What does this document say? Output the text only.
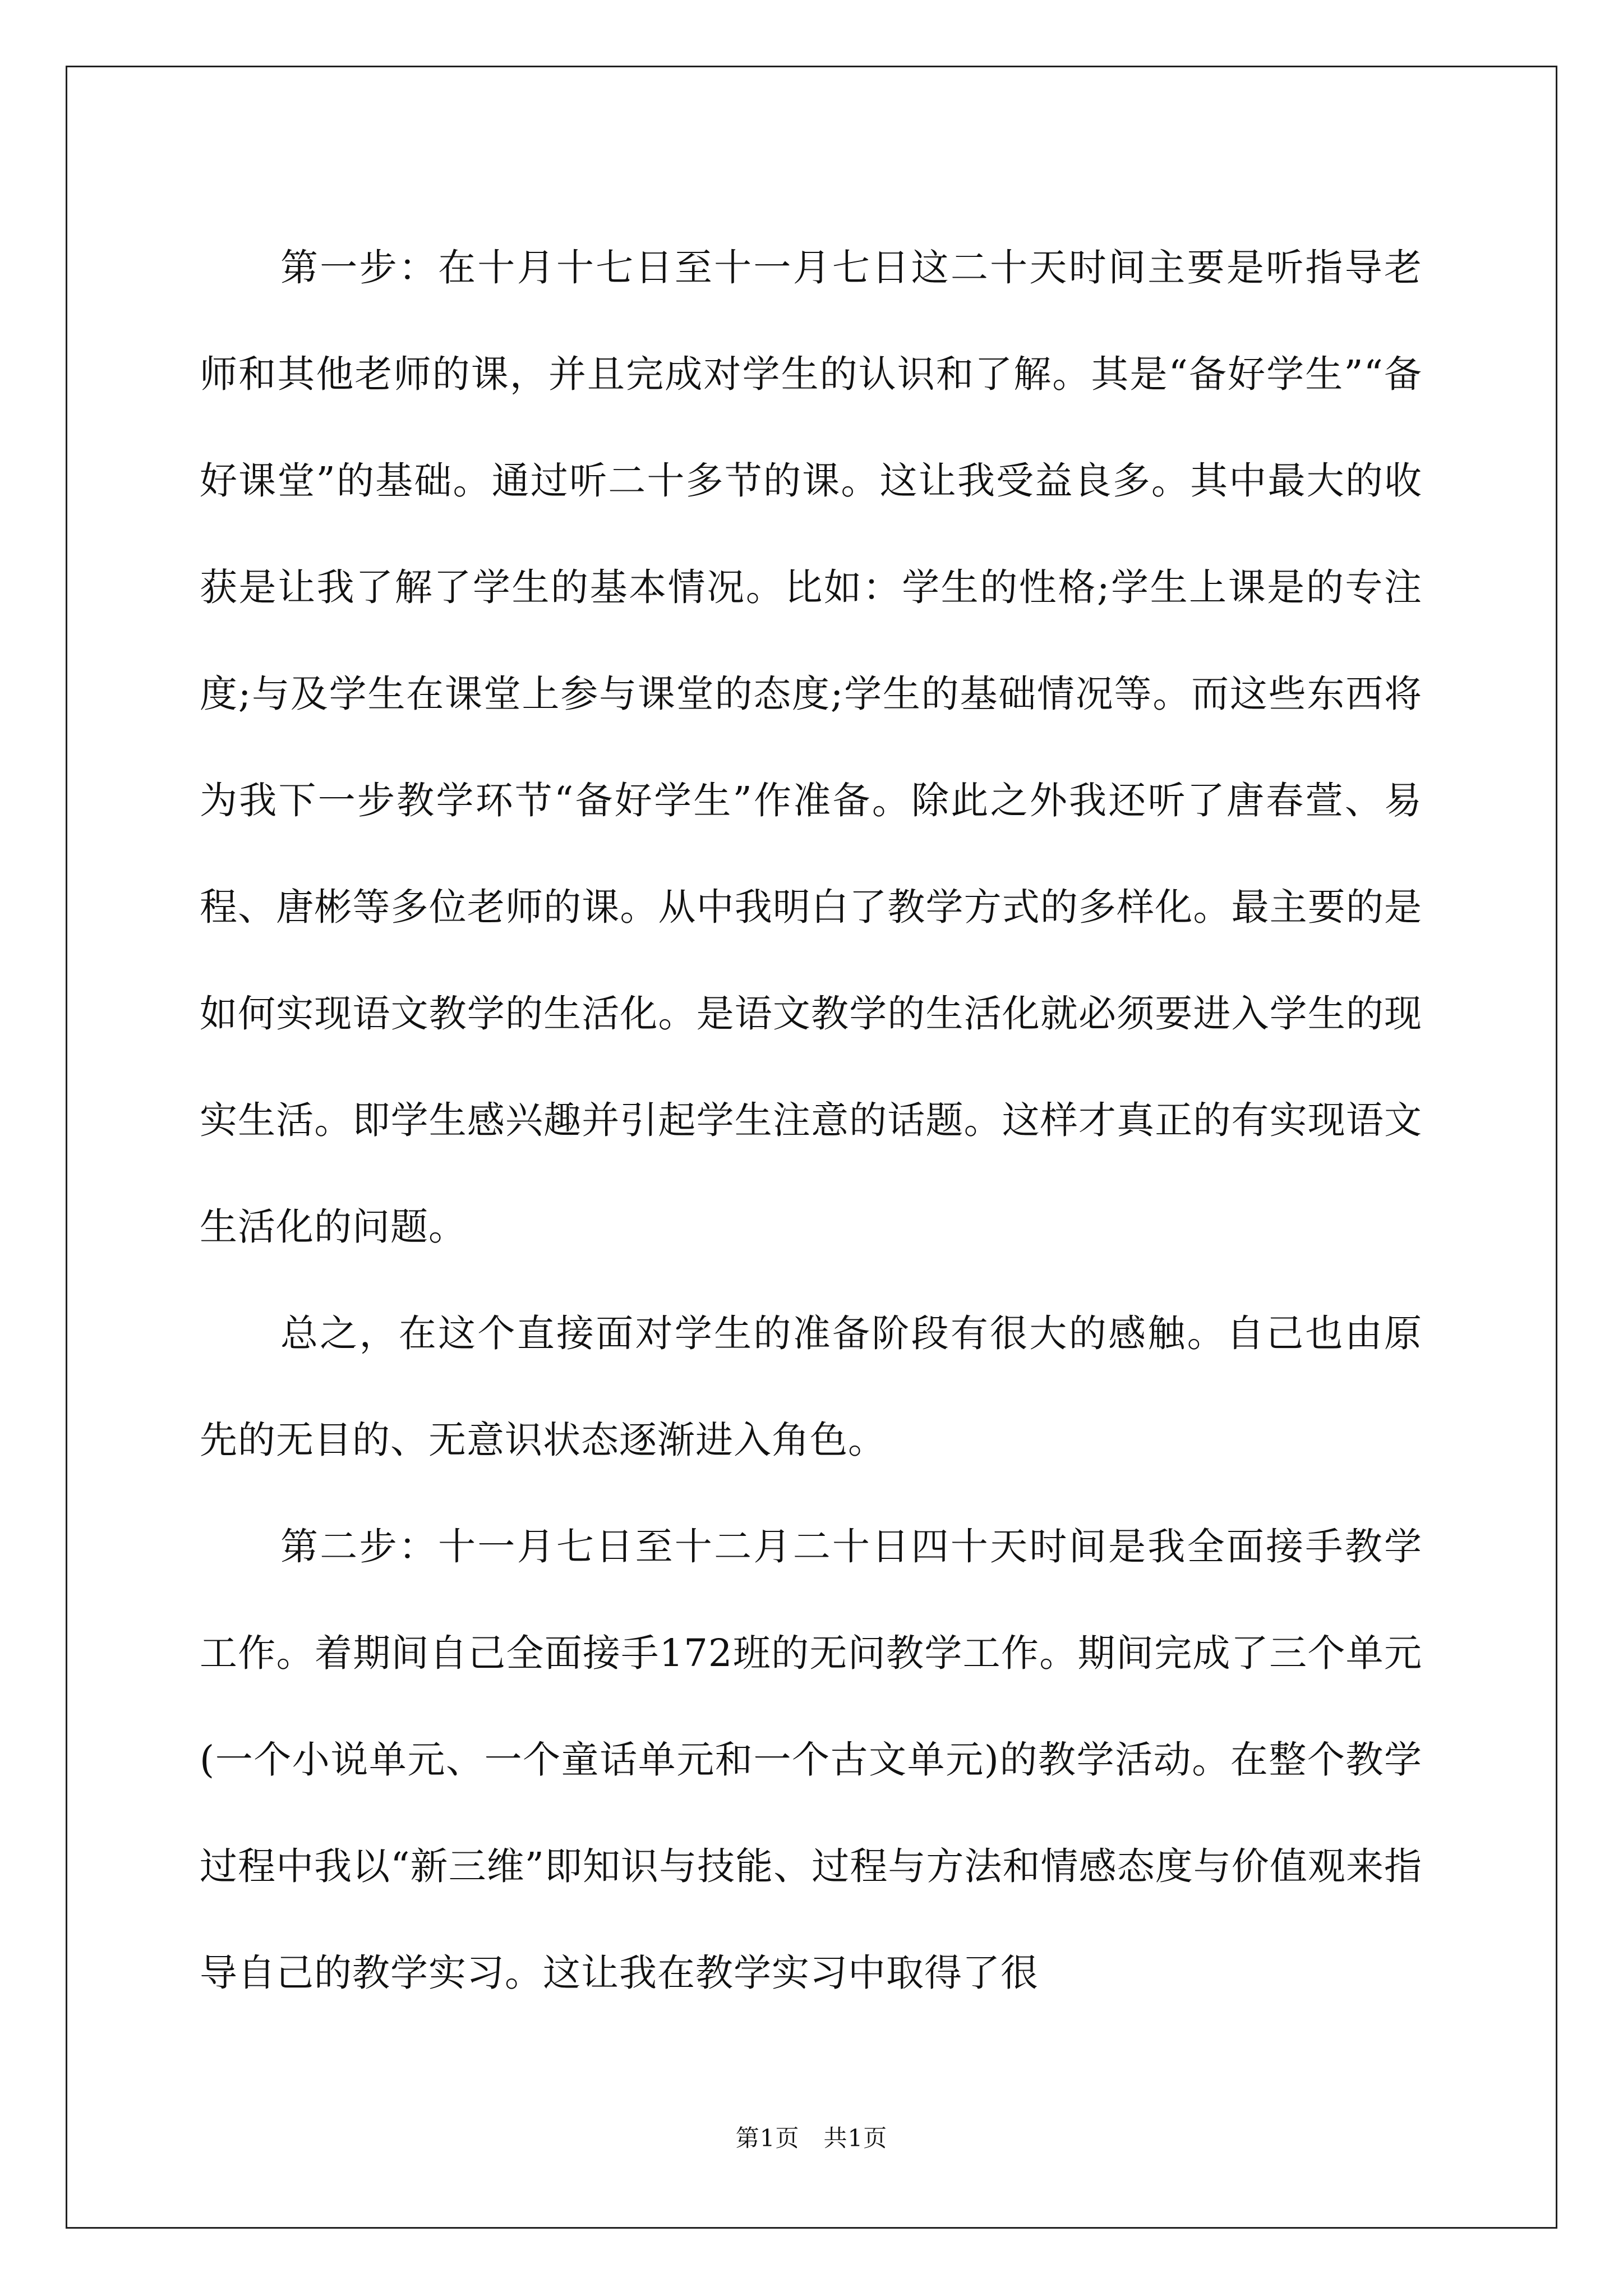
第一步：在十月十七日至十一月七日这二十天时间主要是听指导老师和其他老师的课，并且完成对学生的认识和了解。其是“备好学生”“备好课堂”的基础。通过听二十多节的课。这让我受益良多。其中最大的收获是让我了解了学生的基本情况。比如：学生的性格;学生上课是的专注度;与及学生在课堂上参与课堂的态度;学生的基础情况等。而这些东西将为我下一步教学环节“备好学生”作准备。除此之外我还听了唐春萱、易程、唐彬等多位老师的课。从中我明白了教学方式的多样化。最主要的是如何实现语文教学的生活化。是语文教学的生活化就必须要进入学生的现实生活。即学生感兴趣并引起学生注意的话题。这样才真正的有实现语文生活化的问题。

总之，在这个直接面对学生的准备阶段有很大的感触。自己也由原先的无目的、无意识状态逐渐进入角色。

第二步：十一月七日至十二月二十日四十天时间是我全面接手教学工作。着期间自己全面接手172班的无问教学工作。期间完成了三个单元(一个小说单元、一个童话单元和一个古文单元)的教学活动。在整个教学过程中我以“新三维”即知识与技能、过程与方法和情感态度与价值观来指导自己的教学实习。这让我在教学实习中取得了很

第1页　共1页
